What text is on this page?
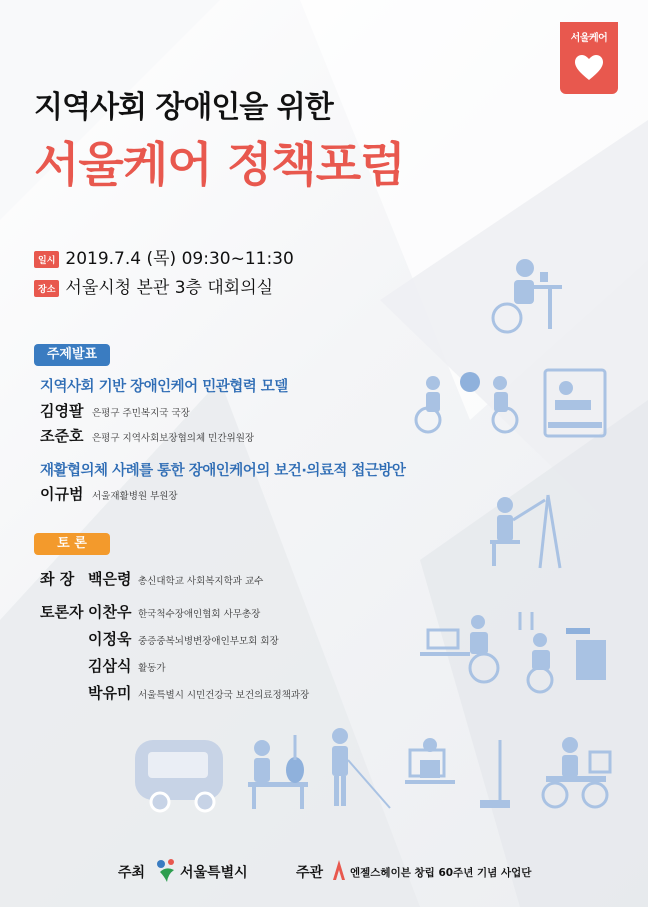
서울케어
지역사회 장애인을 위한
서울케어 정책포럼
일시 2019.7.4 (목) 09:30~11:30
장소 서울시청 본관 3층 대회의실
주제발표
지역사회 기반 장애인케어 민관협력 모델
김영팔 은평구 주민복지국 국장
조준호 은평구 지역사회보장협의체 민간위원장
재활협의체 사례를 통한 장애인케어의 보건·의료적 접근방안
이규범 서울재활병원 부원장
토 론
좌 장 백은령 총신대학교 사회복지학과 교수
토론자 이찬우 한국척수장애인협회 사무총장
이정욱 중증중복뇌병변장애인부모회 회장
김삼식 활동가
박유미 서울특별시 시민건강국 보건의료정책과장
주최 서울특별시	주관	엔젤스헤이븐 창립 60주년 기념 사업단
